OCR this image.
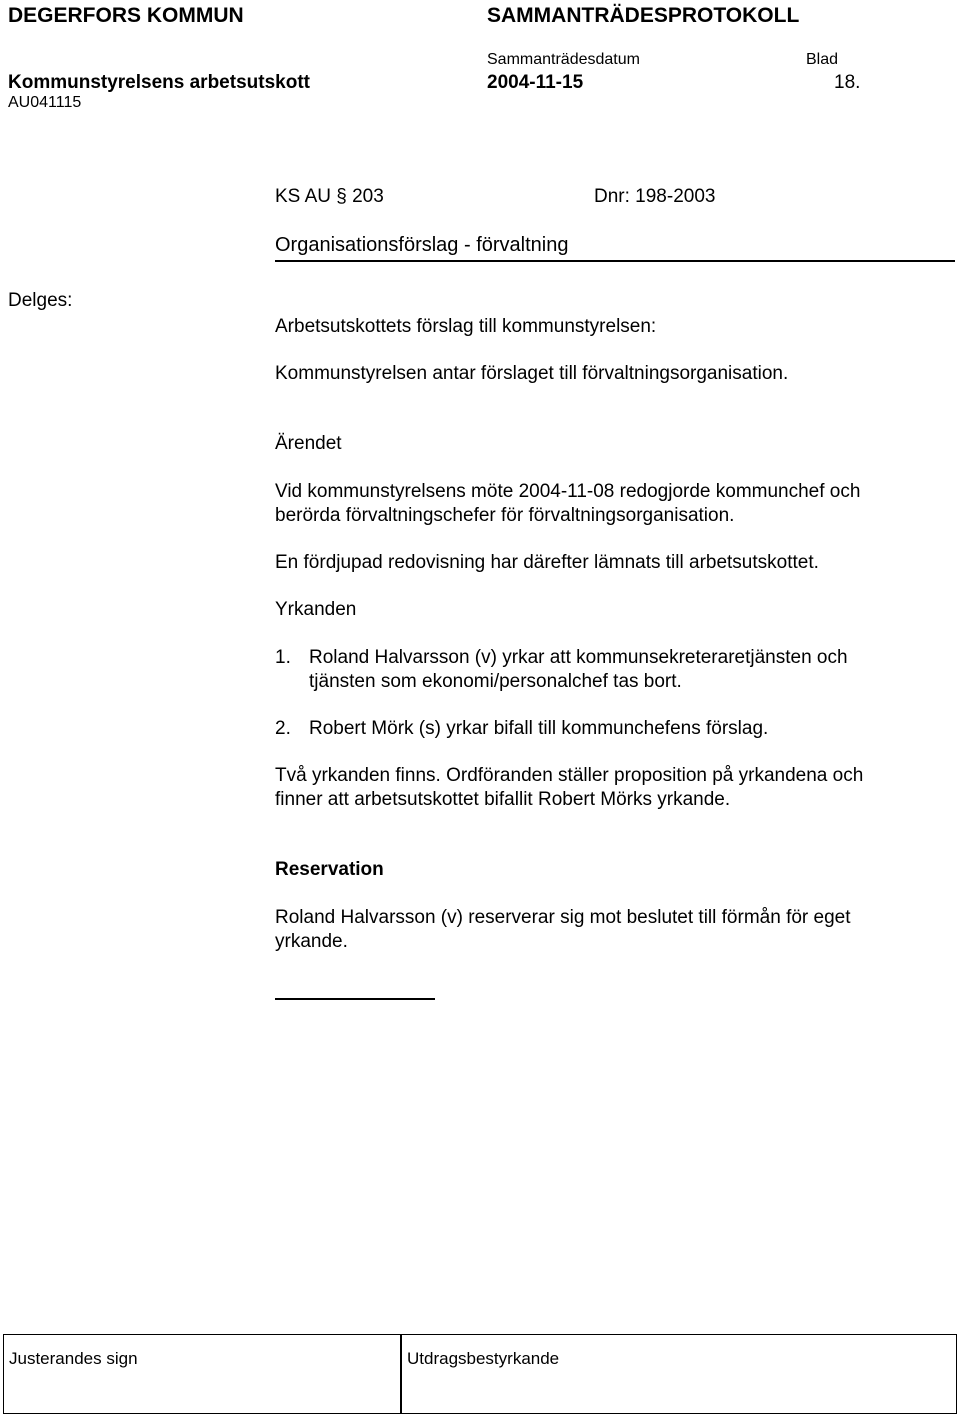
DEGERFORS KOMMUN	SAMMANTRÄDESPROTOKOLL
Sammanträdesdatum	Blad
Kommunstyrelsens arbetsutskott	2004-11-15	18.
AU041115
KS AU § 203	Dnr: 198-2003
Organisationsförslag - förvaltning
Delges:
Arbetsutskottets förslag till kommunstyrelsen:
Kommunstyrelsen antar förslaget till förvaltningsorganisation.
Ärendet
Vid kommunstyrelsens möte 2004-11-08 redogjorde kommunchef och
berörda förvaltningschefer för förvaltningsorganisation.
En fördjupad redovisning har därefter lämnats till arbetsutskottet.
Yrkanden
1. Roland Halvarsson (v) yrkar att kommunsekreteraretjänsten och
tjänsten som ekonomi/personalchef tas bort.
2. Robert Mörk (s) yrkar bifall till kommunchefens förslag.
Två yrkanden finns. Ordföranden ställer proposition på yrkandena och
finner att arbetsutskottet bifallit Robert Mörks yrkande.
Reservation
Roland Halvarsson (v) reserverar sig mot beslutet till förmån för eget
yrkande.
Justerandes sign	Utdragsbestyrkande
